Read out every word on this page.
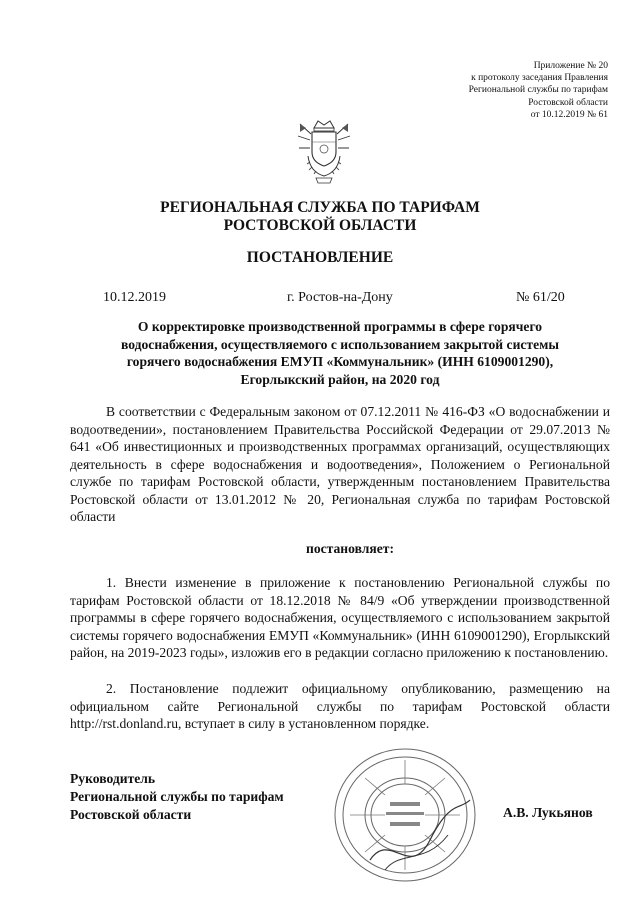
Приложение № 20
к протоколу заседания Правления
Региональной службы по тарифам
Ростовской области
от 10.12.2019 № 61
РЕГИОНАЛЬНАЯ СЛУЖБА ПО ТАРИФАМ
РОСТОВСКОЙ ОБЛАСТИ
ПОСТАНОВЛЕНИЕ
10.12.2019	г. Ростов-на-Дону	№ 61/20
О корректировке производственной программы в сфере горячего
водоснабжения, осуществляемого с использованием закрытой системы
горячего водоснабжения ЕМУП «Коммунальник» (ИНН 6109001290),
Егорлыкский район, на 2020 год
В соответствии с Федеральным законом от 07.12.2011 № 416-ФЗ «О водоснабжении и водоотведении», постановлением Правительства Российской Федерации от 29.07.2013 № 641 «Об инвестиционных и производственных программах организаций, осуществляющих деятельность в сфере водоснабжения и водоотведения», Положением о Региональной службе по тарифам Ростовской области, утвержденным постановлением Правительства Ростовской области от 13.01.2012 № 20, Региональная служба по тарифам Ростовской области
постановляет:
1. Внести изменение в приложение к постановлению Региональной службы по тарифам Ростовской области от 18.12.2018 № 84/9 «Об утверждении производственной программы в сфере горячего водоснабжения, осуществляемого с использованием закрытой системы горячего водоснабжения ЕМУП «Коммунальник» (ИНН 6109001290), Егорлыкский район, на 2019-2023 годы», изложив его в редакции согласно приложению к постановлению.
2. Постановление подлежит официальному опубликованию, размещению на официальном сайте Региональной службы по тарифам Ростовской области http://rst.donland.ru, вступает в силу в установленном порядке.
Руководитель
Региональной службы по тарифам
Ростовской области	А.В. Лукьянов
